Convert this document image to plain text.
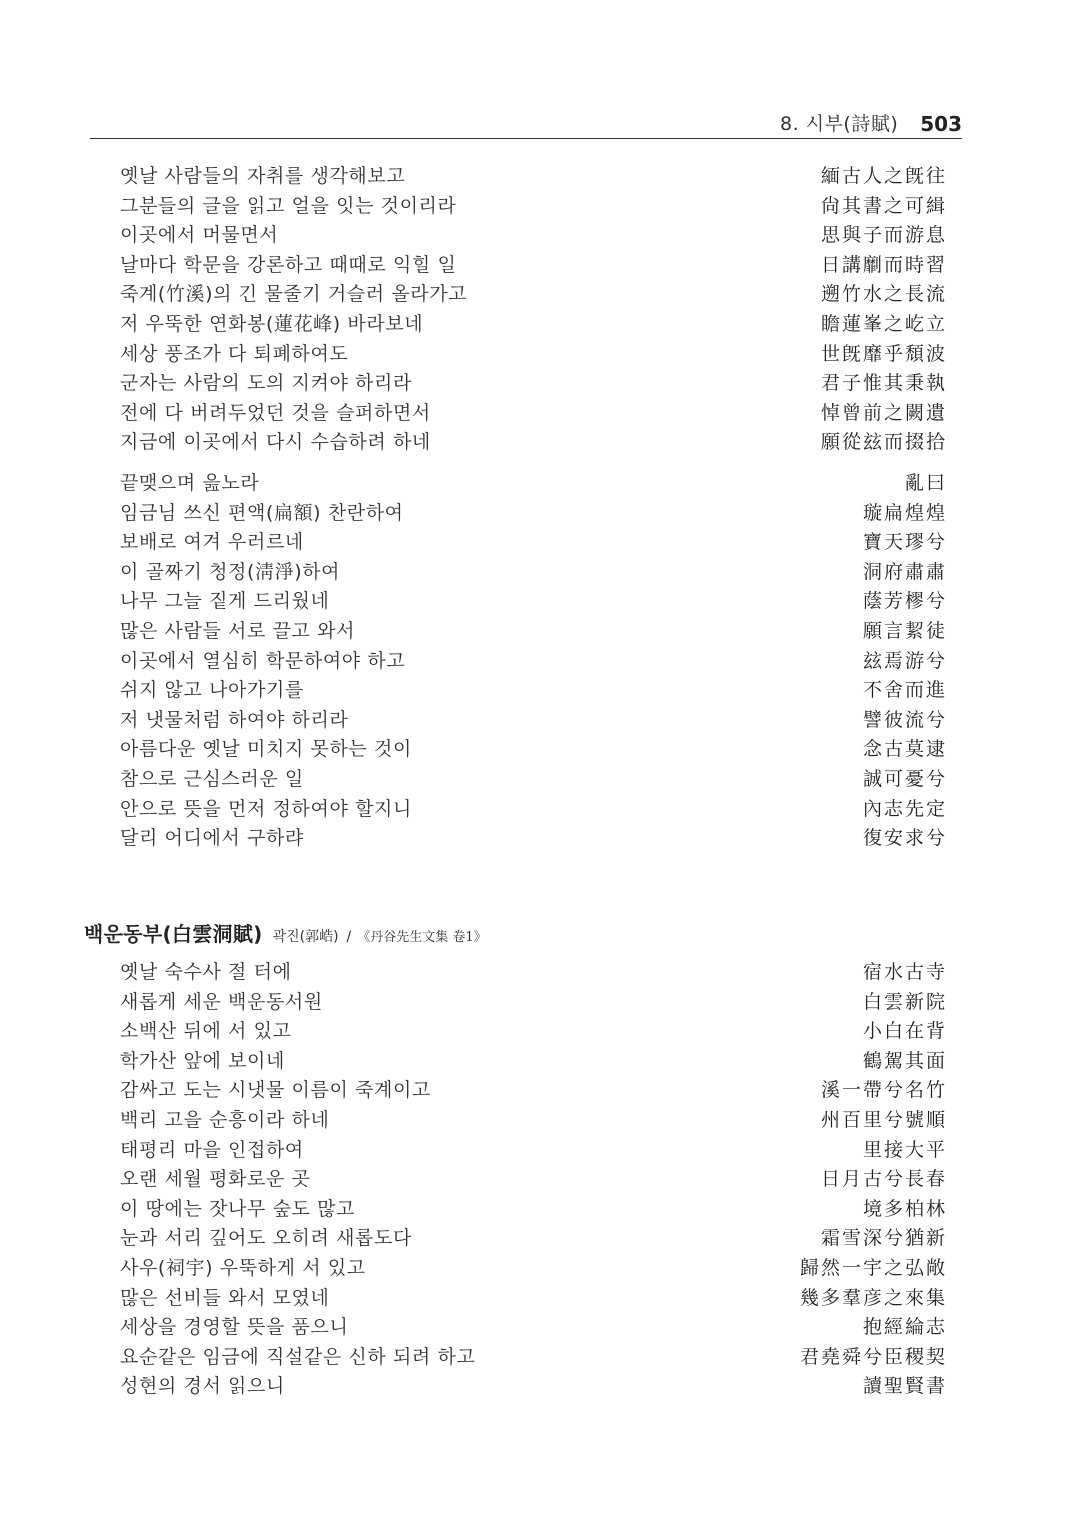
8. 시부(詩賦) 503
옛날 사람들의 자취를 생각해보고	緬古人之旣往
그분들의 글을 읽고 얼을 잇는 것이리라	尙其書之可緝
이곳에서 머물면서	思與子而游息
날마다 학문을 강론하고 때때로 익힐 일	日講劘而時習
죽계(竹溪)의 긴 물줄기 거슬러 올라가고	遡竹水之長流
저 우뚝한 연화봉(蓮花峰) 바라보네	瞻蓮峯之屹立
세상 풍조가 다 퇴폐하여도	世旣靡乎頹波
군자는 사람의 도의 지켜야 하리라	君子惟其秉執
전에 다 버려두었던 것을 슬퍼하면서	悼曾前之闕遺
지금에 이곳에서 다시 수습하려 하네	願從玆而掇拾
끝맺으며 읊노라	亂曰
임금님 쓰신 편액(扁額) 찬란하여	璇扁煌煌
보배로 여겨 우러르네	寶天璆兮
이 골짜기 청정(淸淨)하여	洞府肅肅
나무 그늘 짙게 드리웠네	蔭芳樛兮
많은 사람들 서로 끌고 와서	願言絜徒
이곳에서 열심히 학문하여야 하고	玆焉游兮
쉬지 않고 나아가기를	不舍而進
저 냇물처럼 하여야 하리라	譬彼流兮
아름다운 옛날 미치지 못하는 것이	念古莫逮
참으로 근심스러운 일	誠可憂兮
안으로 뜻을 먼저 정하여야 할지니	內志先定
달리 어디에서 구하랴	復安求兮
백운동부(白雲洞賦) 곽진(郭峼) / 《丹谷先生文集 卷1》
옛날 숙수사 절 터에	宿水古寺
새롭게 세운 백운동서원	白雲新院
소백산 뒤에 서 있고	小白在背
학가산 앞에 보이네	鶴駕其面
감싸고 도는 시냇물 이름이 죽계이고	溪一帶兮名竹
백리 고을 순흥이라 하네	州百里兮號順
태평리 마을 인접하여	里接大平
오랜 세월 평화로운 곳	日月古兮長春
이 땅에는 잣나무 숲도 많고	境多柏林
눈과 서리 깊어도 오히려 새롭도다	霜雪深兮猶新
사우(祠宇) 우뚝하게 서 있고	歸然一宇之弘敞
많은 선비들 와서 모였네	幾多羣彦之來集
세상을 경영할 뜻을 품으니	抱經綸志
요순같은 임금에 직설같은 신하 되려 하고	君堯舜兮臣稷契
성현의 경서 읽으니	讀聖賢書
